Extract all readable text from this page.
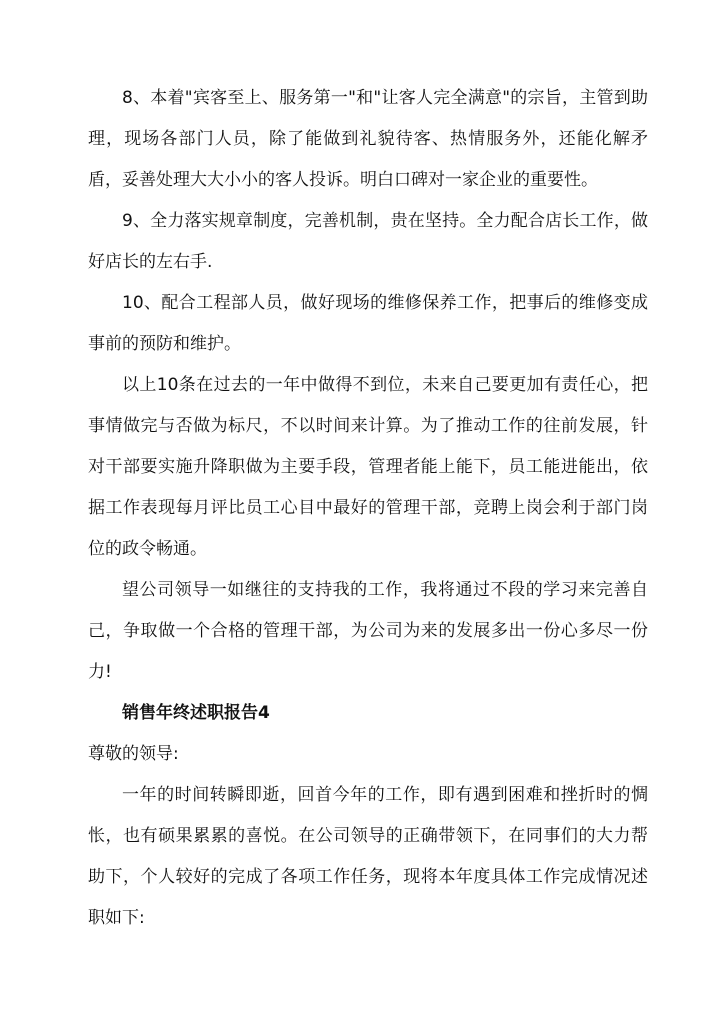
8、本着"宾客至上、服务第一"和"让客人完全满意"的宗旨，主管到助理，现场各部门人员，除了能做到礼貌待客、热情服务外，还能化解矛盾，妥善处理大大小小的客人投诉。明白口碑对一家企业的重要性。

9、全力落实规章制度，完善机制，贵在坚持。全力配合店长工作，做好店长的左右手.

10、配合工程部人员，做好现场的维修保养工作，把事后的维修变成事前的预防和维护。

以上10条在过去的一年中做得不到位，未来自己要更加有责任心，把事情做完与否做为标尺，不以时间来计算。为了推动工作的往前发展，针对干部要实施升降职做为主要手段，管理者能上能下，员工能进能出，依据工作表现每月评比员工心目中最好的管理干部，竞聘上岗会利于部门岗位的政令畅通。

望公司领导一如继往的支持我的工作，我将通过不段的学习来完善自己，争取做一个合格的管理干部，为公司为来的发展多出一份心多尽一份力!

销售年终述职报告4

尊敬的领导:

一年的时间转瞬即逝，回首今年的工作，即有遇到困难和挫折时的惆怅，也有硕果累累的喜悦。在公司领导的正确带领下，在同事们的大力帮助下，个人较好的完成了各项工作任务，现将本年度具体工作完成情况述职如下:
